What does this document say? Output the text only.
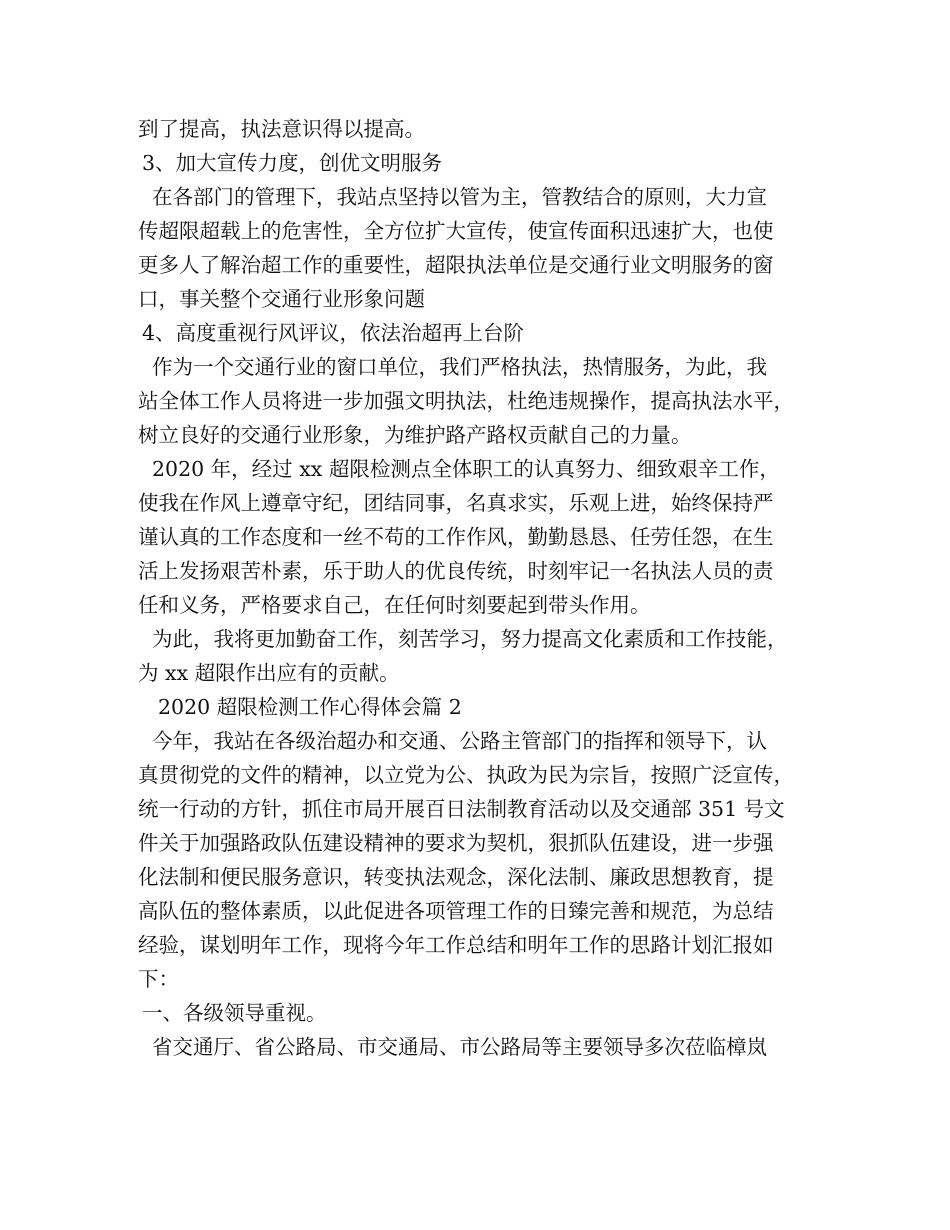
到了提高，执法意识得以提高。
3、加大宣传力度，创优文明服务
在各部门的管理下，我站点坚持以管为主，管教结合的原则，大力宣
传超限超载上的危害性，全方位扩大宣传，使宣传面积迅速扩大，也使
更多人了解治超工作的重要性，超限执法单位是交通行业文明服务的窗
口，事关整个交通行业形象问题
4、高度重视行风评议，依法治超再上台阶
作为一个交通行业的窗口单位，我们严格执法，热情服务，为此，我
站全体工作人员将进一步加强文明执法，杜绝违规操作，提高执法水平，
树立良好的交通行业形象，为维护路产路权贡献自己的力量。
2020 年，经过 xx 超限检测点全体职工的认真努力、细致艰辛工作，
使我在作风上遵章守纪，团结同事，名真求实，乐观上进，始终保持严
谨认真的工作态度和一丝不苟的工作作风，勤勤恳恳、任劳任怨，在生
活上发扬艰苦朴素，乐于助人的优良传统，时刻牢记一名执法人员的责
任和义务，严格要求自己，在任何时刻要起到带头作用。
为此，我将更加勤奋工作，刻苦学习，努力提高文化素质和工作技能，
为 xx 超限作出应有的贡献。
2020 超限检测工作心得体会篇 2
今年，我站在各级治超办和交通、公路主管部门的指挥和领导下，认
真贯彻党的文件的精神，以立党为公、执政为民为宗旨，按照广泛宣传，
统一行动的方针，抓住市局开展百日法制教育活动以及交通部 351 号文
件关于加强路政队伍建设精神的要求为契机，狠抓队伍建设，进一步强
化法制和便民服务意识，转变执法观念，深化法制、廉政思想教育，提
高队伍的整体素质，以此促进各项管理工作的日臻完善和规范，为总结
经验，谋划明年工作，现将今年工作总结和明年工作的思路计划汇报如
下：
一、各级领导重视。
省交通厅、省公路局、市交通局、市公路局等主要领导多次莅临樟岚
